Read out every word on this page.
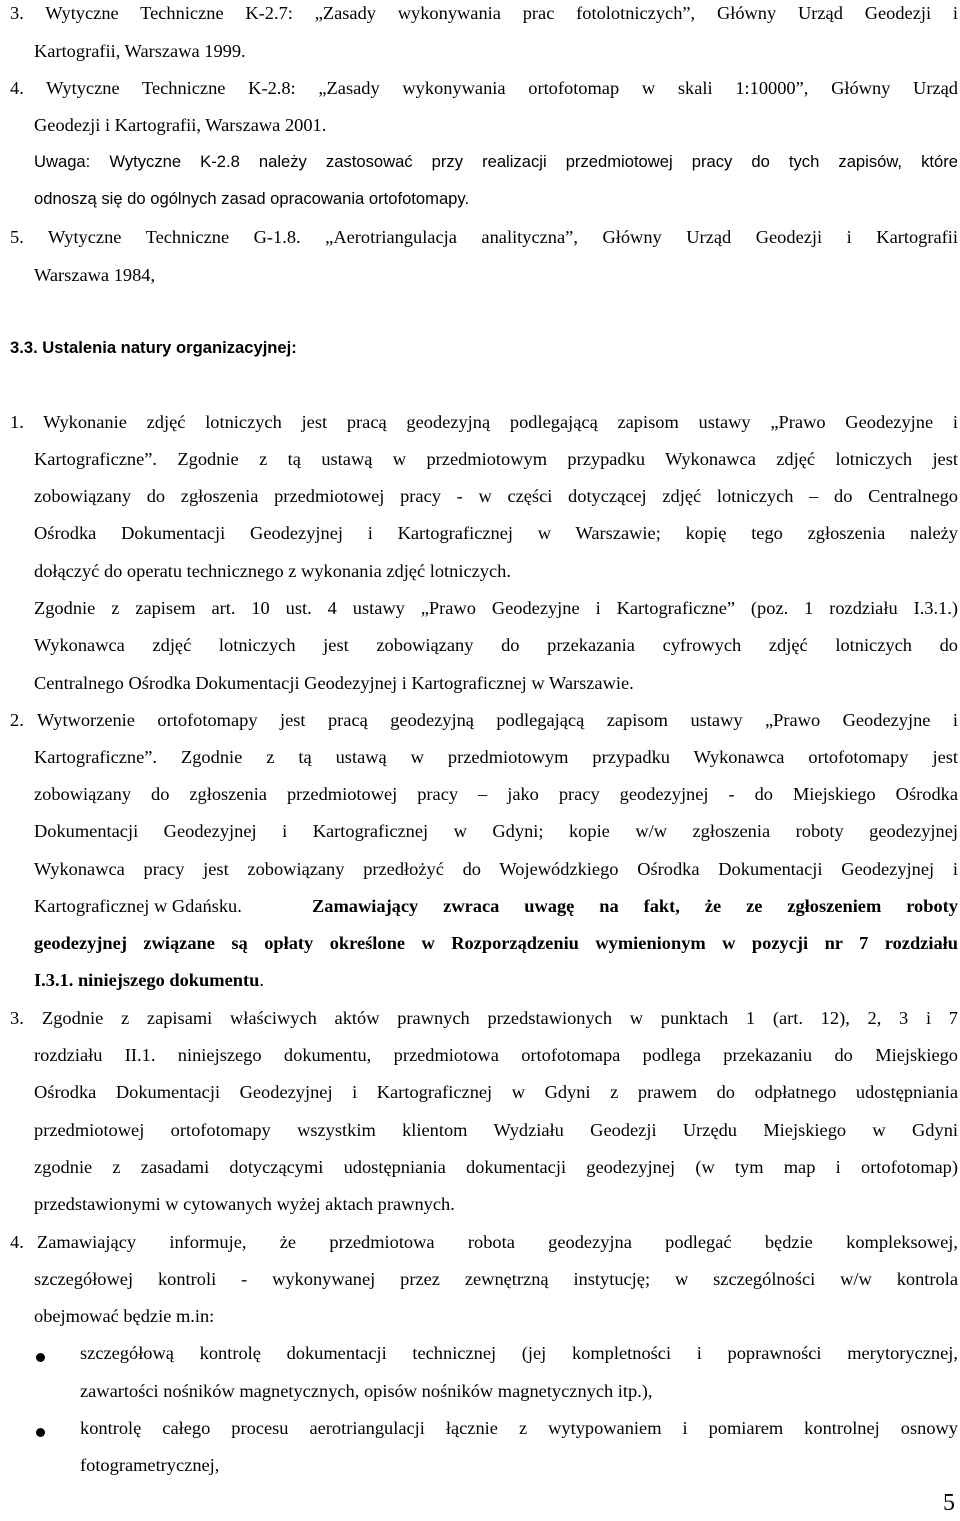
3. Wytyczne Techniczne K-2.7: „Zasady wykonywania prac fotolotniczych”, Główny Urząd Geodezji i
Kartografii, Warszawa 1999.
4. Wytyczne Techniczne K-2.8: „Zasady wykonywania ortofotomap w skali 1:10000”, Główny Urząd
Geodezji i Kartografii, Warszawa 2001.
Uwaga: Wytyczne K-2.8 należy zastosować przy realizacji przedmiotowej pracy do tych zapisów, które
odnoszą się do ogólnych zasad opracowania ortofotomapy.
5. Wytyczne Techniczne G-1.8. „Aerotriangulacja analityczna”, Główny Urząd Geodezji i Kartografii
Warszawa 1984,
3.3. Ustalenia natury organizacyjnej:
1. Wykonanie zdjęć lotniczych jest pracą geodezyjną podlegającą zapisom ustawy „Prawo Geodezyjne i
Kartograficzne”. Zgodnie z tą ustawą w przedmiotowym przypadku Wykonawca zdjęć lotniczych jest
zobowiązany do zgłoszenia przedmiotowej pracy - w części dotyczącej zdjęć lotniczych – do Centralnego
Ośrodka Dokumentacji Geodezyjnej i Kartograficznej w Warszawie; kopię tego zgłoszenia należy
dołączyć do operatu technicznego z wykonania zdjęć lotniczych.
Zgodnie z zapisem art. 10 ust. 4 ustawy „Prawo Geodezyjne i Kartograficzne” (poz. 1 rozdziału I.3.1.)
Wykonawca zdjęć lotniczych jest zobowiązany do przekazania cyfrowych zdjęć lotniczych do
Centralnego Ośrodka Dokumentacji Geodezyjnej i Kartograficznej w Warszawie.
2. Wytworzenie ortofotomapy jest pracą geodezyjną podlegającą zapisom ustawy „Prawo Geodezyjne i
Kartograficzne”. Zgodnie z tą ustawą w przedmiotowym przypadku Wykonawca ortofotomapy jest
zobowiązany do zgłoszenia przedmiotowej pracy – jako pracy geodezyjnej - do Miejskiego Ośrodka
Dokumentacji Geodezyjnej i Kartograficznej w Gdyni; kopie w/w zgłoszenia roboty geodezyjnej
Wykonawca pracy jest zobowiązany przedłożyć do Wojewódzkiego Ośrodka Dokumentacji Geodezyjnej i
Kartograficznej w Gdańsku.	Zamawiający zwraca uwagę na fakt, że ze zgłoszeniem roboty
geodezyjnej związane są opłaty określone w Rozporządzeniu wymienionym w pozycji nr 7 rozdziału
I.3.1. niniejszego dokumentu.
3. Zgodnie z zapisami właściwych aktów prawnych przedstawionych w punktach 1 (art. 12), 2, 3 i 7
rozdziału II.1. niniejszego dokumentu, przedmiotowa ortofotomapa podlega przekazaniu do Miejskiego
Ośrodka Dokumentacji Geodezyjnej i Kartograficznej w Gdyni z prawem do odpłatnego udostępniania
przedmiotowej ortofotomapy wszystkim klientom Wydziału Geodezji Urzędu Miejskiego w Gdyni
zgodnie z zasadami dotyczącymi udostępniania dokumentacji geodezyjnej (w tym map i ortofotomap)
przedstawionymi w cytowanych wyżej aktach prawnych.
4. Zamawiający informuje, że przedmiotowa robota geodezyjna podlegać będzie kompleksowej,
szczegółowej kontroli - wykonywanej przez zewnętrzną instytucję; w szczególności w/w kontrola
obejmować będzie m.in:
szczegółową kontrolę dokumentacji technicznej (jej kompletności i poprawności merytorycznej,
zawartości nośników magnetycznych, opisów nośników magnetycznych itp.),
kontrolę całego procesu aerotriangulacji łącznie z wytypowaniem i pomiarem kontrolnej osnowy
fotogrametrycznej,
5
